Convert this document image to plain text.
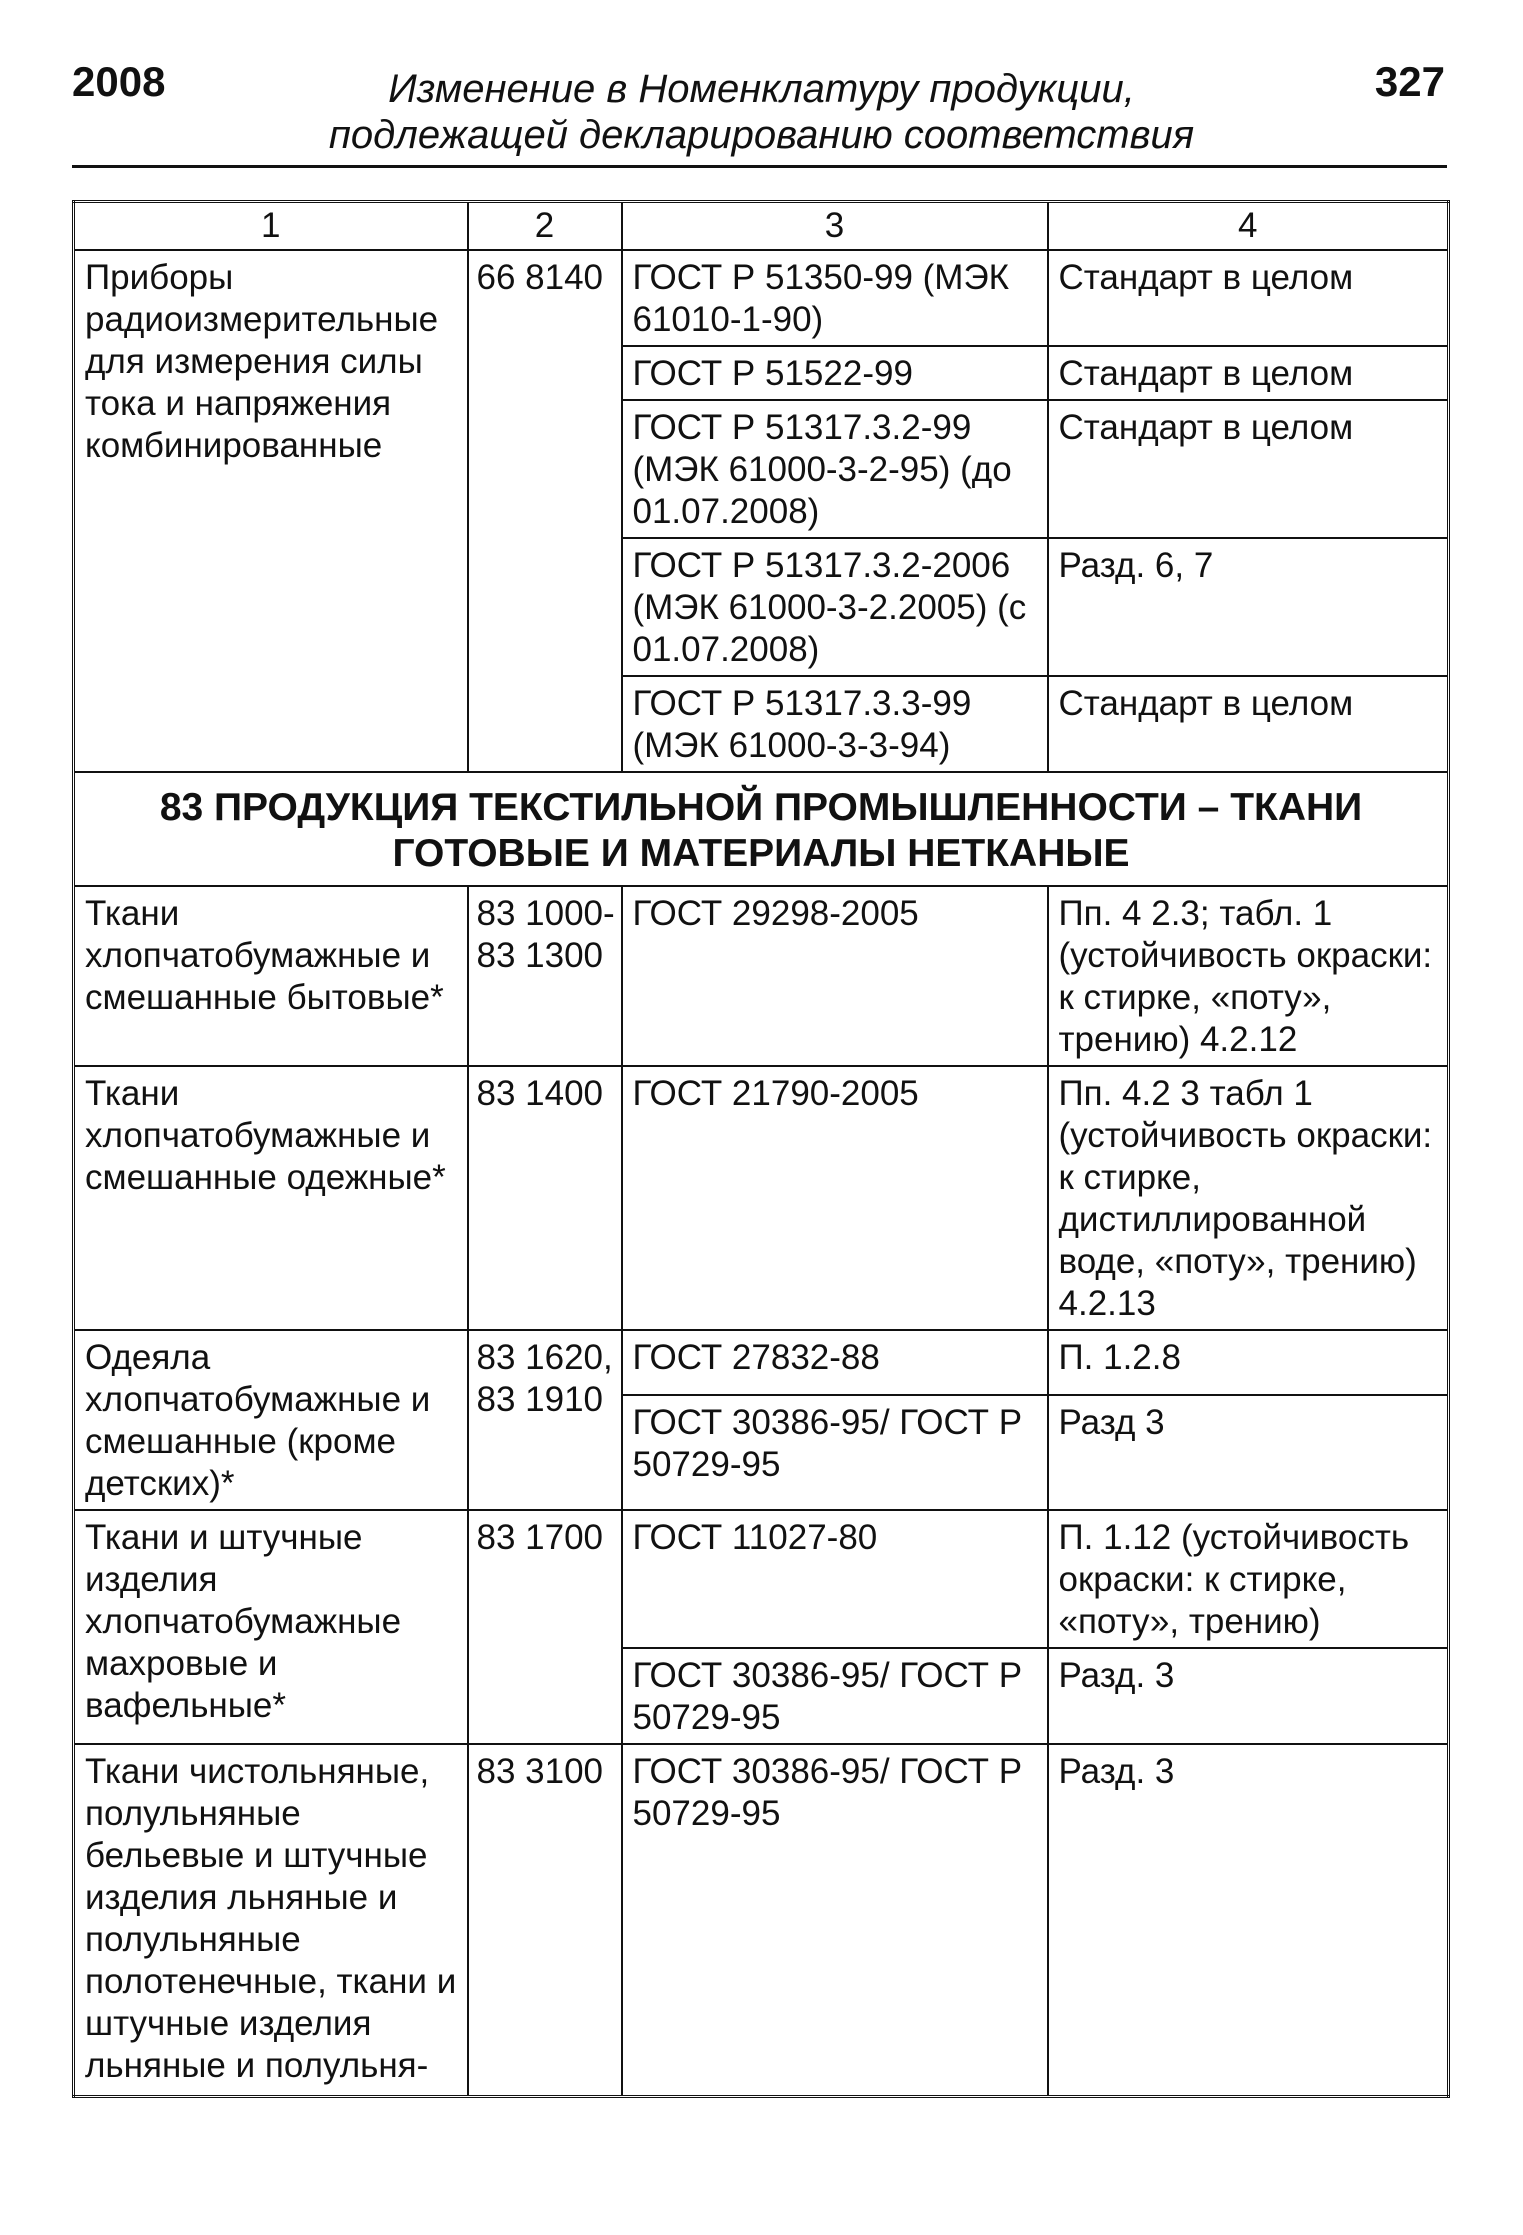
2008	Изменение в Номенклатуру продукции,
подлежащей декларированию соответствия
327
1	2	3	4
Приборы радиоизмерительные для измерения силы тока и напряжения комбинированные	66 8140	ГОСТ Р 51350-99 (МЭК 61010-1-90)	Стандарт в целом
		ГОСТ Р 51522-99	Стандарт в целом
		ГОСТ Р 51317.3.2-99 (МЭК 61000-3-2-95) (до 01.07.2008)	Стандарт в целом
		ГОСТ Р 51317.3.2-2006 (МЭК 61000-3-2.2005) (с 01.07.2008)	Разд. 6, 7
		ГОСТ Р 51317.3.3-99 (МЭК 61000-3-3-94)	Стандарт в целом
83 ПРОДУКЦИЯ ТЕКСТИЛЬНОЙ ПРОМЫШЛЕННОСТИ – ТКАНИ ГОТОВЫЕ И МАТЕРИАЛЫ НЕТКАНЫЕ			
Ткани хлопчатобумажные и смешанные бытовые*	83 1000-83 1300	ГОСТ 29298-2005	Пп. 4 2.3; табл. 1 (устойчивость окраски: к стирке, «поту», трению) 4.2.12
Ткани хлопчатобумажные и смешанные одежные*	83 1400	ГОСТ 21790-2005	Пп. 4.2 3 табл 1 (устойчивость окраски: к стирке, дистиллированной воде, «поту», трению) 4.2.13
Одеяла хлопчатобумажные и смешанные (кроме детских)*	83 1620, 83 1910	ГОСТ 27832-88	П. 1.2.8
		ГОСТ 30386-95/ ГОСТ Р 50729-95	Разд 3
Ткани и штучные изделия хлопчатобумажные махровые и вафельные*	83 1700	ГОСТ 11027-80	П. 1.12 (устойчивость окраски: к стирке, «поту», трению)
		ГОСТ 30386-95/ ГОСТ Р 50729-95	Разд. 3
Ткани чистольняные, полульняные бельевые и штучные изделия льняные и полульняные полотенечные, ткани и штучные изделия льняные и полульня-	83 3100	ГОСТ 30386-95/ ГОСТ Р 50729-95	Разд. 3
